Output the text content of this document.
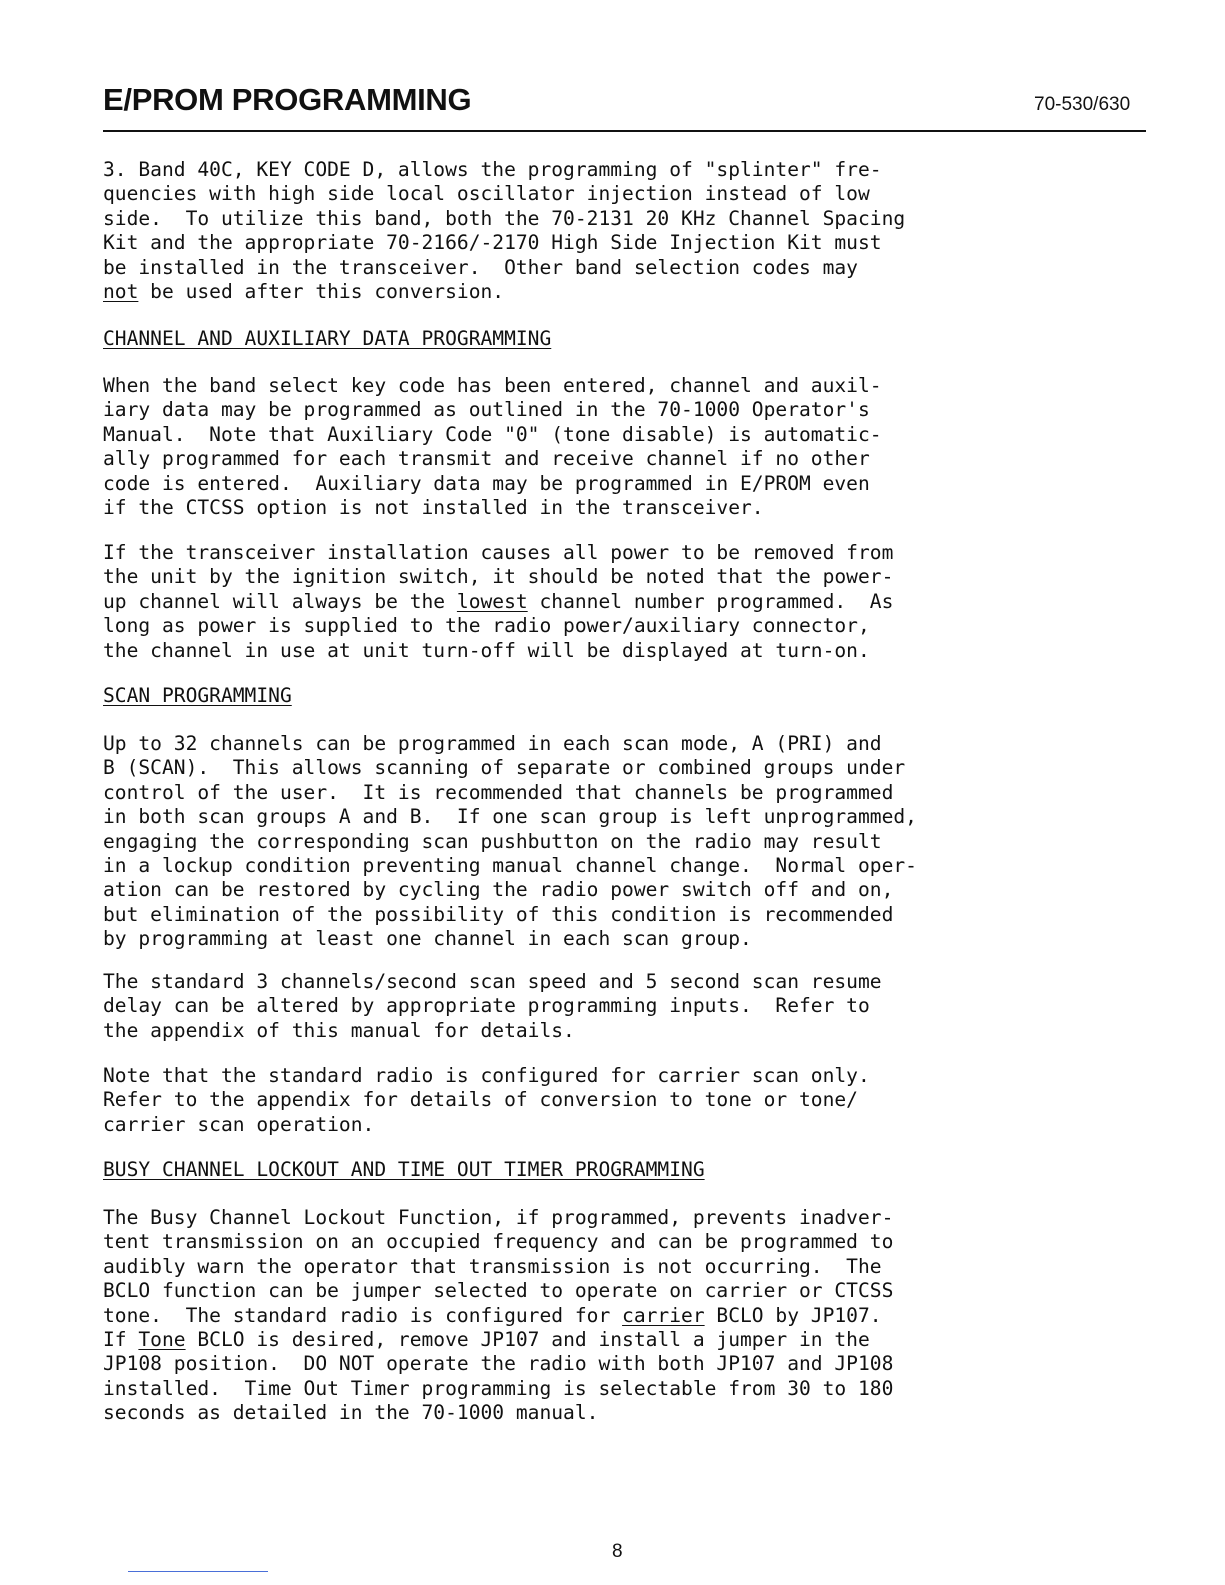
E/PROM PROGRAMMING	70-530/630
3. Band 40C, KEY CODE D, allows the programming of "splinter" fre-
quencies with high side local oscillator injection instead of low
side.  To utilize this band, both the 70-2131 20 KHz Channel Spacing
Kit and the appropriate 70-2166/-2170 High Side Injection Kit must
be installed in the transceiver.  Other band selection codes may
not be used after this conversion.
CHANNEL AND AUXILIARY DATA PROGRAMMING
When the band select key code has been entered, channel and auxil-
iary data may be programmed as outlined in the 70-1000 Operator's
Manual.  Note that Auxiliary Code "0" (tone disable) is automatic-
ally programmed for each transmit and receive channel if no other
code is entered.  Auxiliary data may be programmed in E/PROM even
if the CTCSS option is not installed in the transceiver.
If the transceiver installation causes all power to be removed from
the unit by the ignition switch, it should be noted that the power-
up channel will always be the lowest channel number programmed.  As
long as power is supplied to the radio power/auxiliary connector,
the channel in use at unit turn-off will be displayed at turn-on.
SCAN PROGRAMMING
Up to 32 channels can be programmed in each scan mode, A (PRI) and
B (SCAN).  This allows scanning of separate or combined groups under
control of the user.  It is recommended that channels be programmed
in both scan groups A and B.  If one scan group is left unprogrammed,
engaging the corresponding scan pushbutton on the radio may result
in a lockup condition preventing manual channel change.  Normal oper-
ation can be restored by cycling the radio power switch off and on,
but elimination of the possibility of this condition is recommended
by programming at least one channel in each scan group.
The standard 3 channels/second scan speed and 5 second scan resume
delay can be altered by appropriate programming inputs.  Refer to
the appendix of this manual for details.
Note that the standard radio is configured for carrier scan only.
Refer to the appendix for details of conversion to tone or tone/
carrier scan operation.
BUSY CHANNEL LOCKOUT AND TIME OUT TIMER PROGRAMMING
The Busy Channel Lockout Function, if programmed, prevents inadver-
tent transmission on an occupied frequency and can be programmed to
audibly warn the operator that transmission is not occurring.  The
BCLO function can be jumper selected to operate on carrier or CTCSS
tone.  The standard radio is configured for carrier BCLO by JP107.
If Tone BCLO is desired, remove JP107 and install a jumper in the
JP108 position.  DO NOT operate the radio with both JP107 and JP108
installed.  Time Out Timer programming is selectable from 30 to 180
seconds as detailed in the 70-1000 manual.
8
